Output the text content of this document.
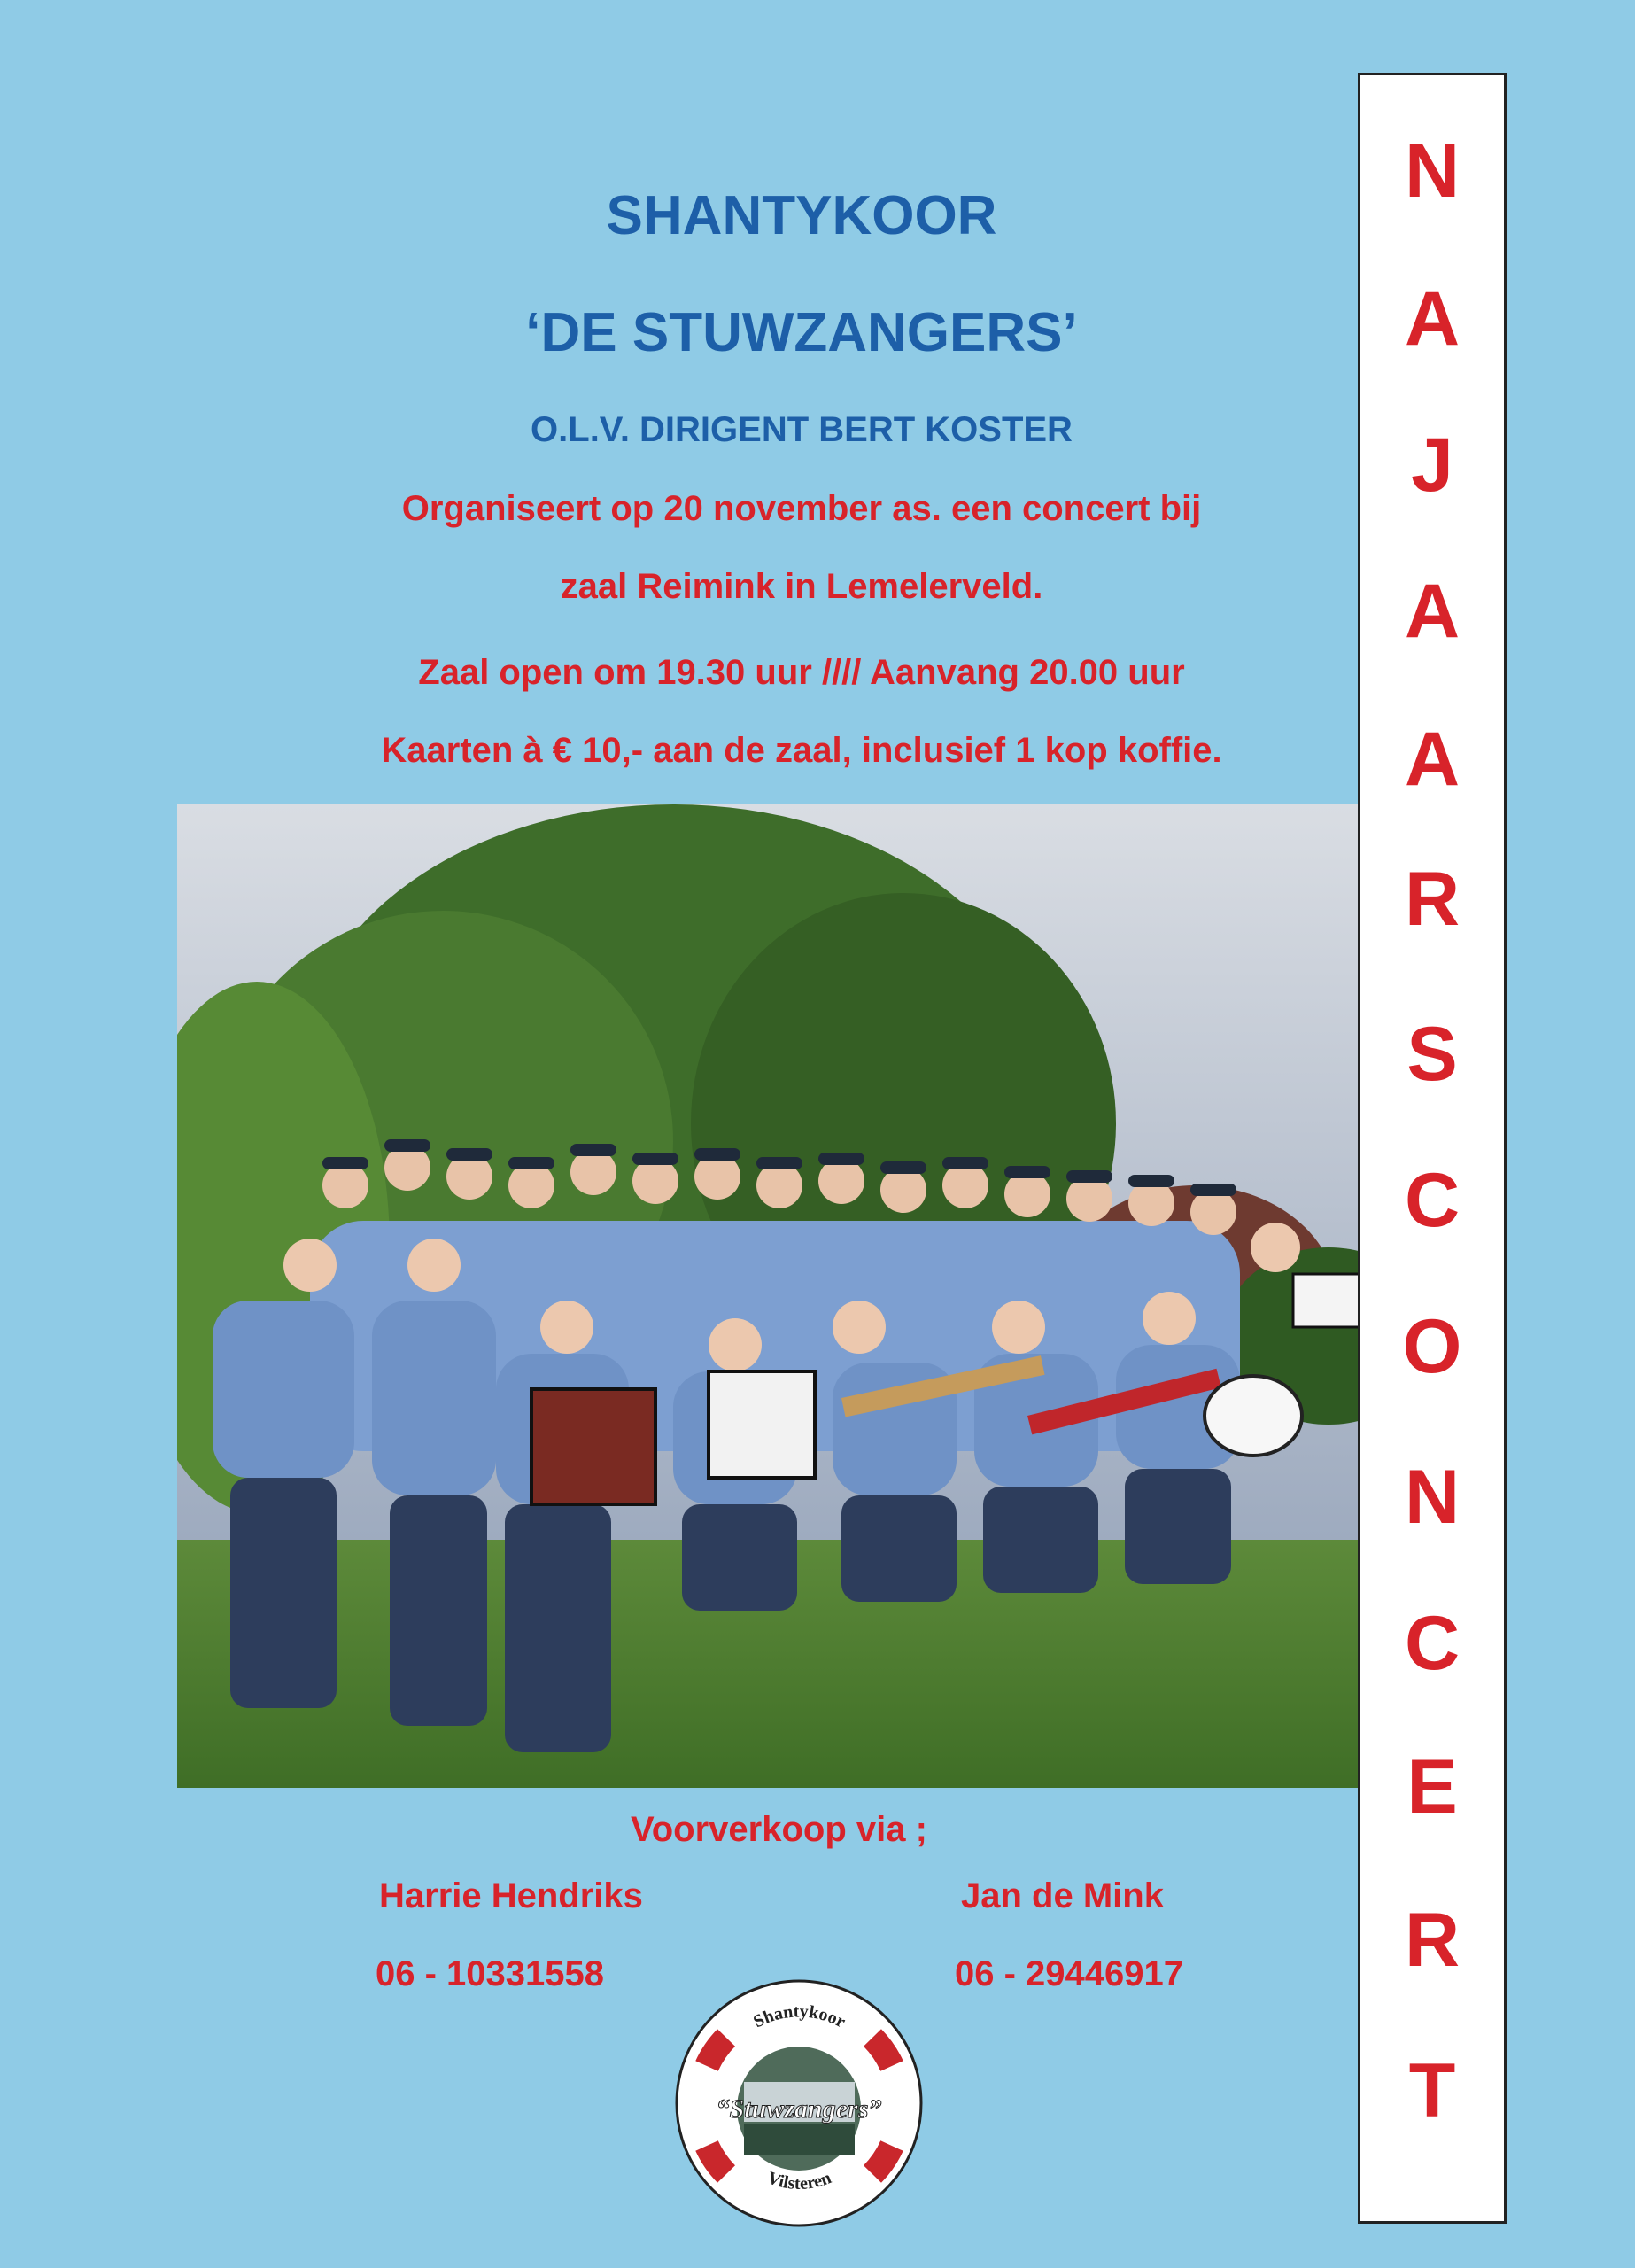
SHANTYKOOR
‘DE STUWZANGERS’
O.L.V. DIRIGENT BERT KOSTER
Organiseert op 20 november as. een concert bij
zaal Reimink in Lemelerveld.
Zaal open om 19.30 uur //// Aanvang 20.00 uur
Kaarten à € 10,- aan de zaal, inclusief 1 kop koffie.
N
A
J
A
A
R
S
C
O
N
C
E
R
T
Voorverkoop via ;
Harrie Hendriks	Jan de Mink
06 - 10331558	06 - 29446917
Shantykoor
“Stuwzangers”
Vilsteren
